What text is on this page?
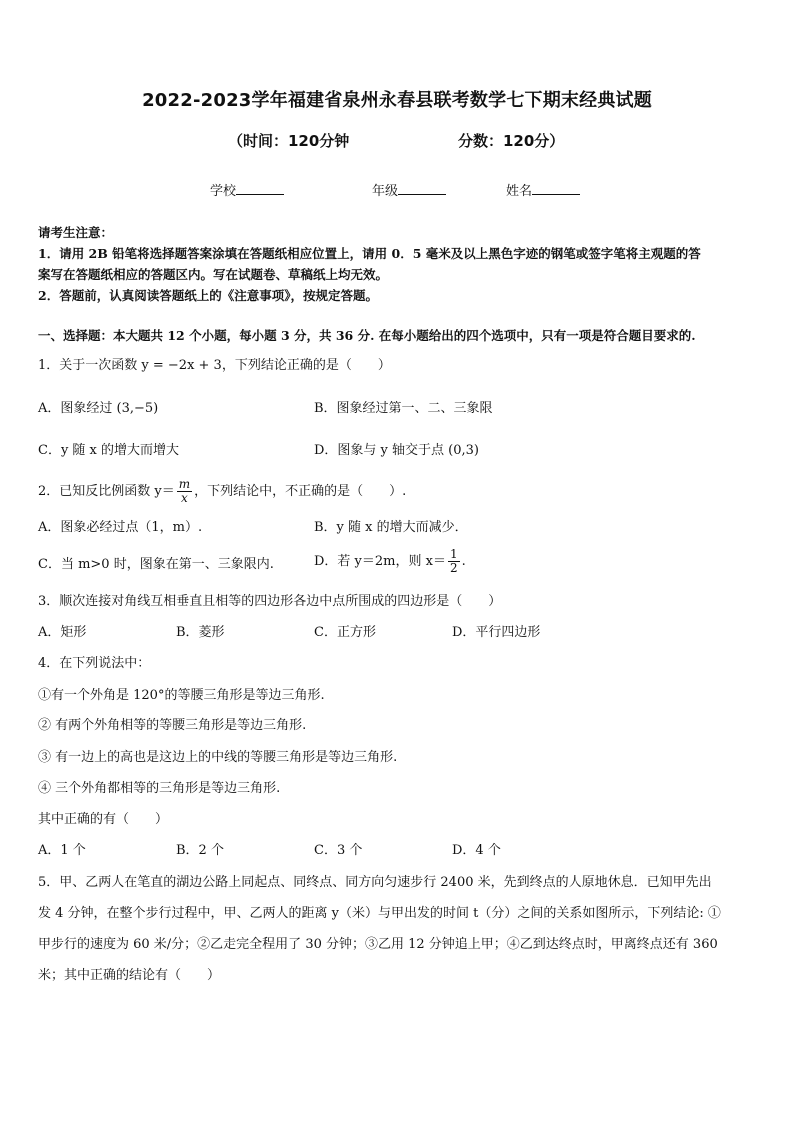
2022-2023学年福建省泉州永春县联考数学七下期末经典试题
（时间：120分钟	分数：120分）
学校	年级	姓名
请考生注意：
1．请用 2B 铅笔将选择题答案涂填在答题纸相应位置上，请用 0．5 毫米及以上黑色字迹的钢笔或签字笔将主观题的答
案写在答题纸相应的答题区内。写在试题卷、草稿纸上均无效。
2．答题前，认真阅读答题纸上的《注意事项》，按规定答题。
一、选择题：本大题共 12 个小题，每小题 3 分，共 36 分. 在每小题给出的四个选项中，只有一项是符合题目要求的.
1．关于一次函数 y = −2x + 3，下列结论正确的是（　　）
A．图象经过 (3,−5)	B．图象经过第一、二、三象限
C．y 随 x 的增大而增大	D．图象与 y 轴交于点 (0,3)
2．已知反比例函数 $y= \frac{m}{x}$ ，下列结论中，不正确的是（　　）.
A．图象必经过点（1，m）.	B．y 随 x 的增大而减少．
C．当 m>0 时，图象在第一、三象限内.	D．若 y＝2m，则 $x= \frac{1}{2}$ .
3．顺次连接对角线互相垂直且相等的四边形各边中点所围成的四边形是（　　）
A．矩形	B．菱形	C．正方形	D．平行四边形
4．在下列说法中：
①有一个外角是 120°的等腰三角形是等边三角形.
② 有两个外角相等的等腰三角形是等边三角形.
③ 有一边上的高也是这边上的中线的等腰三角形是等边三角形.
④ 三个外角都相等的三角形是等边三角形.
其中正确的有（　　）
A．1 个	B．2 个	C．3 个	D．4 个
5．甲、乙两人在笔直的湖边公路上同起点、同终点、同方向匀速步行 2400 米，先到终点的人原地休息．已知甲先出
发 4 分钟，在整个步行过程中，甲、乙两人的距离 y（米）与甲出发的时间 t（分）之间的关系如图所示，下列结论: ①
甲步行的速度为 60 米/分；②乙走完全程用了 30 分钟；③乙用 12 分钟追上甲；④乙到达终点时，甲离终点还有 360
米；其中正确的结论有（　　）
